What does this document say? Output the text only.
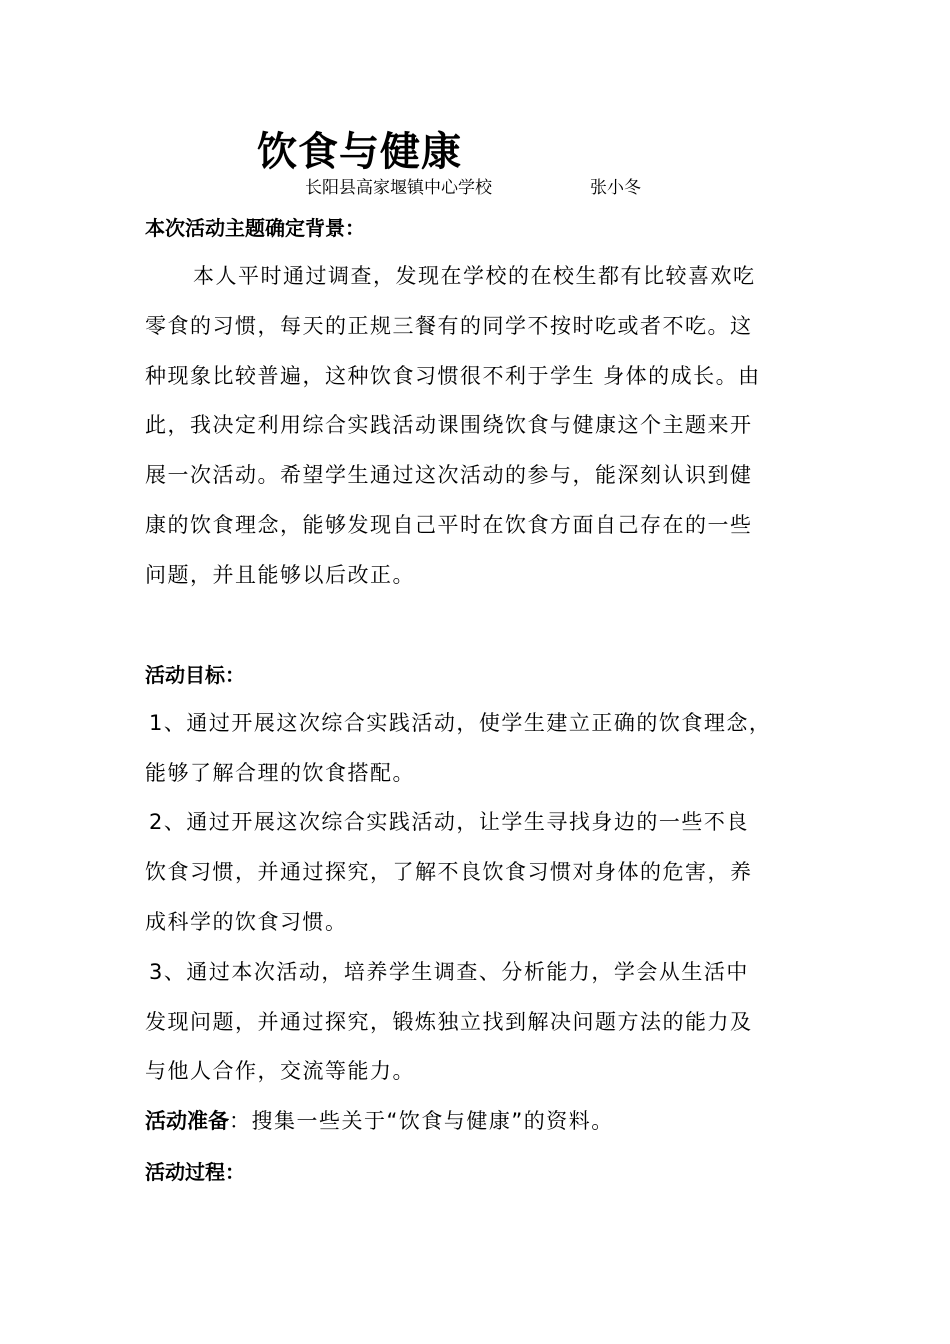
饮食与健康
长阳县高家堰镇中心学校	张小冬
本次活动主题确定背景：
本人平时通过调查，发现在学校的在校生都有比较喜欢吃
零食的习惯，每天的正规三餐有的同学不按时吃或者不吃。这
种现象比较普遍，这种饮食习惯很不利于学生 身体的成长。由
此，我决定利用综合实践活动课围绕饮食与健康这个主题来开
展一次活动。希望学生通过这次活动的参与，能深刻认识到健
康的饮食理念，能够发现自己平时在饮食方面自己存在的一些
问题，并且能够以后改正。
活动目标：
1、通过开展这次综合实践活动，使学生建立正确的饮食理念，
能够了解合理的饮食搭配。
2、通过开展这次综合实践活动，让学生寻找身边的一些不良
饮食习惯，并通过探究，了解不良饮食习惯对身体的危害，养
成科学的饮食习惯。
3、通过本次活动，培养学生调查、分析能力，学会从生活中
发现问题，并通过探究，锻炼独立找到解决问题方法的能力及
与他人合作，交流等能力。
活动准备：搜集一些关于“饮食与健康”的资料。
活动过程：
